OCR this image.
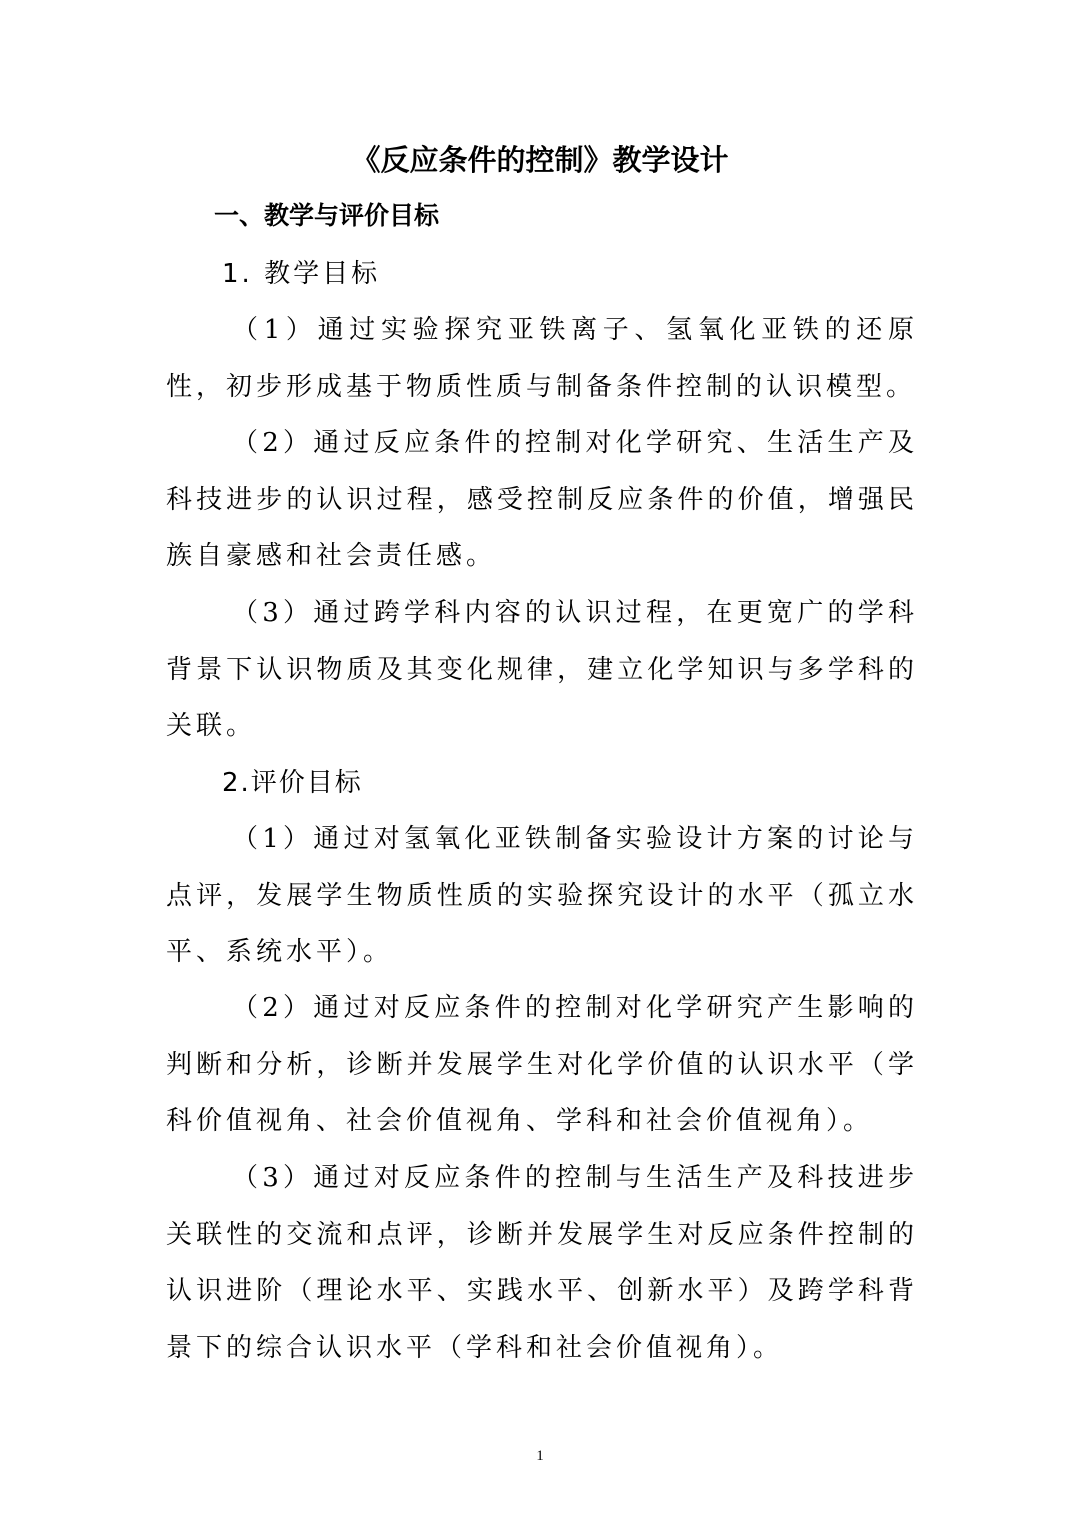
《反应条件的控制》教学设计
一、教学与评价目标
1. 教学目标
（1）通过实验探究亚铁离子、氢氧化亚铁的还原性，初步形成基于物质性质与制备条件控制的认识模型。
（2）通过反应条件的控制对化学研究、生活生产及科技进步的认识过程，感受控制反应条件的价值，增强民族自豪感和社会责任感。
（3）通过跨学科内容的认识过程，在更宽广的学科背景下认识物质及其变化规律，建立化学知识与多学科的关联。
2.评价目标
（1）通过对氢氧化亚铁制备实验设计方案的讨论与点评，发展学生物质性质的实验探究设计的水平（孤立水平、系统水平）。
（2）通过对反应条件的控制对化学研究产生影响的判断和分析，诊断并发展学生对化学价值的认识水平（学科价值视角、社会价值视角、学科和社会价值视角）。
（3）通过对反应条件的控制与生活生产及科技进步关联性的交流和点评，诊断并发展学生对反应条件控制的认识进阶（理论水平、实践水平、创新水平）及跨学科背景下的综合认识水平（学科和社会价值视角）。
1
